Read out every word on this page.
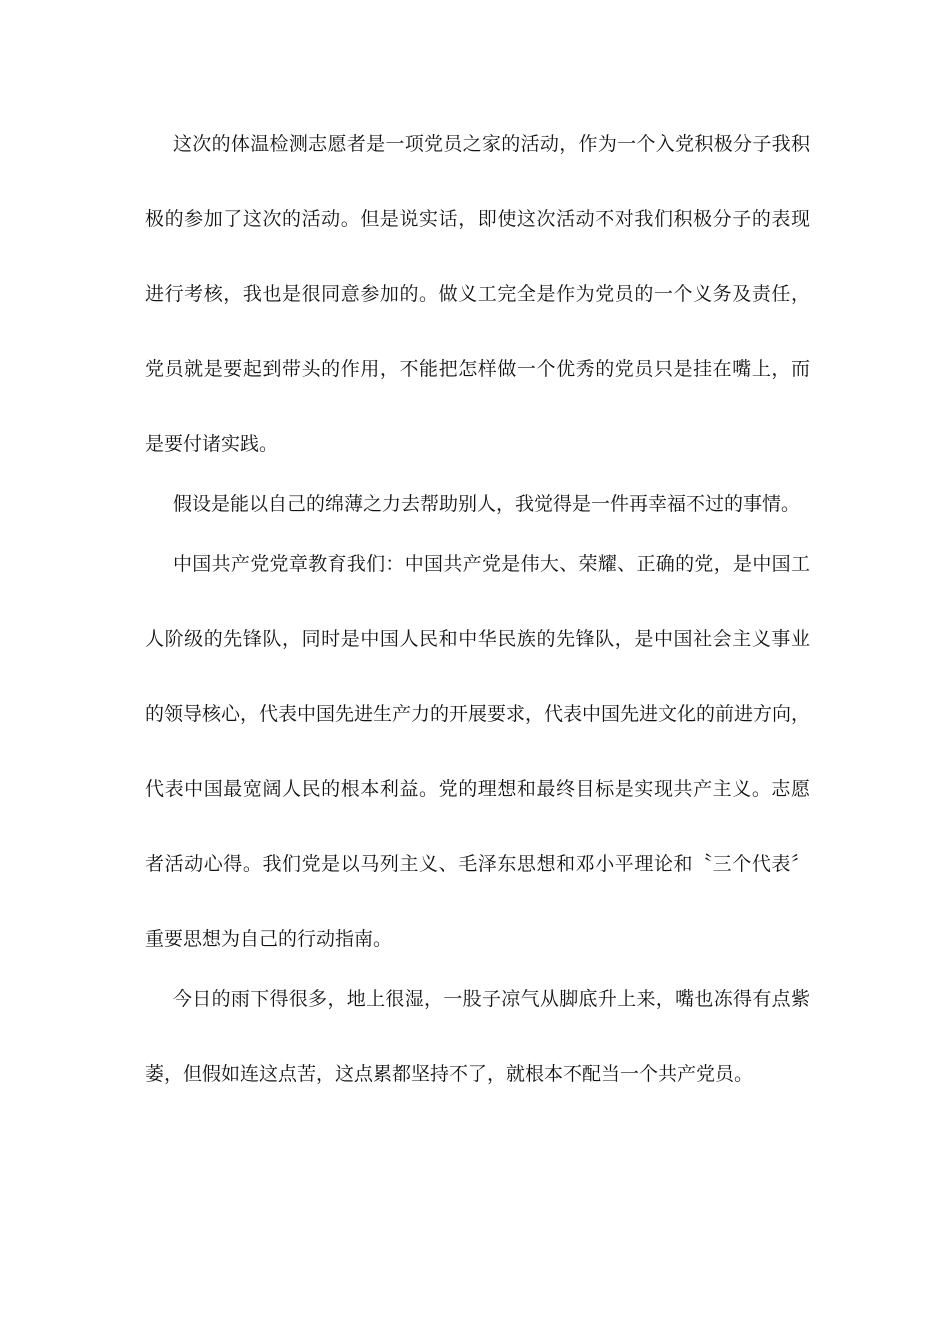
这次的体温检测志愿者是一项党员之家的活动，作为一个入党积极分子我积
极的参加了这次的活动。但是说实话，即使这次活动不对我们积极分子的表现
进行考核，我也是很同意参加的。做义工完全是作为党员的一个义务及责任，
党员就是要起到带头的作用，不能把怎样做一个优秀的党员只是挂在嘴上，而
是要付诸实践。
假设是能以自己的绵薄之力去帮助别人，我觉得是一件再幸福不过的事情。
中国共产党党章教育我们：中国共产党是伟大、荣耀、正确的党，是中国工
人阶级的先锋队，同时是中国人民和中华民族的先锋队，是中国社会主义事业
的领导核心，代表中国先进生产力的开展要求，代表中国先进文化的前进方向，
代表中国最宽阔人民的根本利益。党的理想和最终目标是实现共产主义。志愿
者活动心得。我们党是以马列主义、毛泽东思想和邓小平理论和〝三个代表〞
重要思想为自己的行动指南。
今日的雨下得很多，地上很湿，一股子凉气从脚底升上来，嘴也冻得有点紫
萎，但假如连这点苦，这点累都坚持不了，就根本不配当一个共产党员。
